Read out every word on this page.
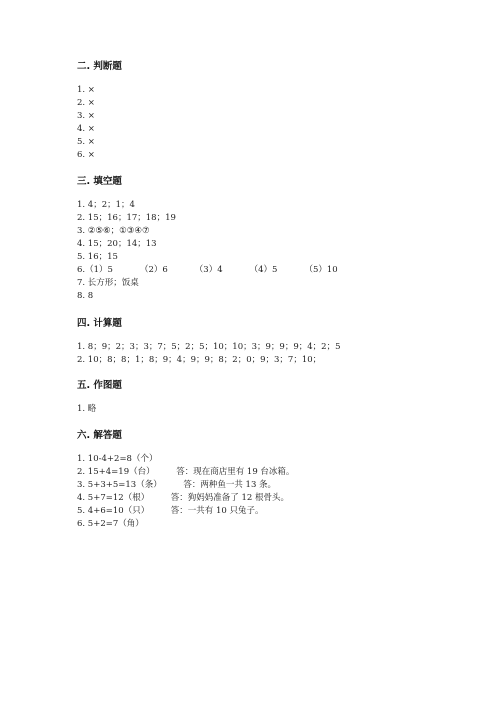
二. 判断题

1. ×

2. ×

3. ×

4. ×

5. ×

6. ×

三. 填空题

1. 4；2；1；4

2. 15；16；17；18；19

3. ②⑤⑥；①③④⑦

4. 15；20；14；13

5. 16；15

6.（1）5          （2）6          （3）4          （4）5          （5）10

7. 长方形；饭桌

8. 8

四. 计算题

1. 8；9；2；3；3；7；5；2；5；10；10；3；9；9；9；4；2；5

2. 10；8；8；1；8；9；4；9；9；8；2；0；9；3；7；10；

五. 作图题

1. 略

六. 解答题

1. 10-4+2=8（个）

2. 15+4=19（台）        答：现在商店里有 19 台冰箱。

3. 5+3+5=13（条）        答：两种鱼一共 13 条。

4. 5+7=12（根）        答：狗妈妈准备了 12 根骨头。

5. 4+6=10（只）        答：一共有 10 只兔子。

6. 5+2=7（角）
